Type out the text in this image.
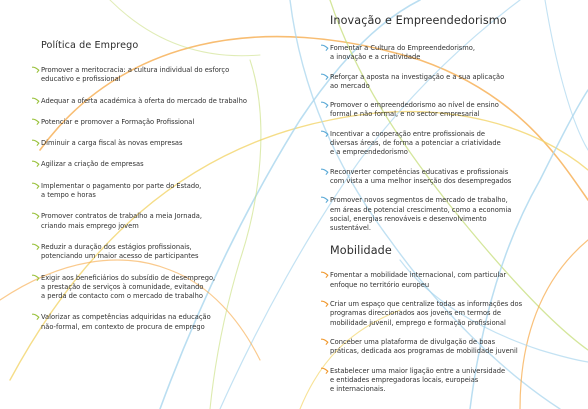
Política de Emprego
Promover a meritocracia: a cultura individual do esforço
educativo e profissional
Adequar a oferta académica à oferta do mercado de trabalho
Potenciar e promover a Formação Profissional
Diminuir a carga fiscal às novas empresas
Agilizar a criação de empresas
Implementar o pagamento por parte do Estado,
a tempo e horas
Promover contratos de trabalho a meia Jornada,
criando mais emprego jovem
Reduzir a duração dos estágios profissionais,
potenciando um maior acesso de participantes
Exigir aos beneficiários do subsídio de desemprego,
a prestação de serviços à comunidade, evitando
a perda de contacto com o mercado de trabalho
Valorizar as competências adquiridas na educação
não-formal, em contexto de procura de emprego
Inovação e Empreendedorismo
Fomentar a Cultura do Empreendedorismo,
a inovação e a criatividade
Reforçar a aposta na investigação e a sua aplicação
ao mercado
Promover o empreendedorismo ao nível de ensino
formal e não formal, e no sector empresarial
Incentivar a cooperação entre profissionais de
diversas áreas, de forma a potenciar a criatividade
e a empreendedorismo
Reconverter competências educativas e profissionais
com vista a uma melhor inserção dos desempregados
Promover novos segmentos de mercado de trabalho,
em áreas de potencial crescimento, como a economia
social, energias renováveis e desenvolvimento
sustentável.
Mobilidade
Fomentar a mobilidade internacional, com particular
enfoque no território europeu
Criar um espaço que centralize todas as informações dos
programas direccionados aos jovens em termos de
mobilidade juvenil, emprego e formação profissional
Conceber uma plataforma de divulgação de boas
práticas, dedicada aos programas de mobilidade juvenil
Estabelecer uma maior ligação entre a universidade
e entidades empregadoras locais, europeias
e internacionais.
